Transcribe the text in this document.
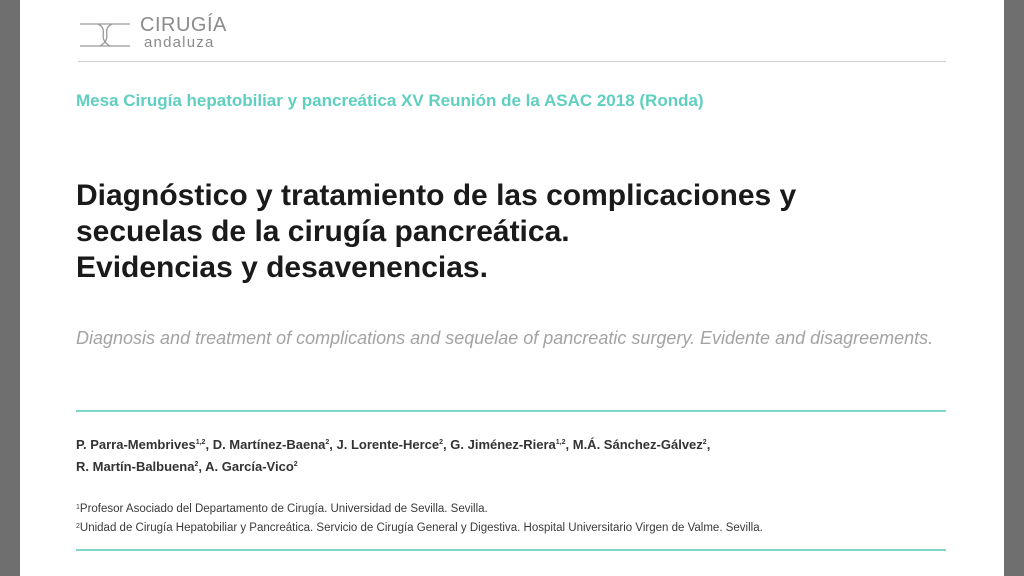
CIRUGÍA
andaluza
Mesa Cirugía hepatobiliar y pancreática XV Reunión de la ASAC 2018 (Ronda)
Diagnóstico y tratamiento de las complicaciones y
secuelas de la cirugía pancreática.
Evidencias y desavenencias.
Diagnosis and treatment of complications and sequelae of pancreatic surgery. Evidente and disagreements.
P. Parra-Membrives$^{1,2}$, D. Martínez-Baena$^2$, J. Lorente-Herce$^2$, G. Jiménez-Riera$^{1,2}$, M.Á. Sánchez-Gálvez$^2$,
R. Martín-Balbuena$^2$, A. García-Vico$^2$
$^1$Profesor Asociado del Departamento de Cirugía. Universidad de Sevilla. Sevilla.
$^2$Unidad de Cirugía Hepatobiliar y Pancreática. Servicio de Cirugía General y Digestiva. Hospital Universitario Virgen de Valme. Sevilla.
